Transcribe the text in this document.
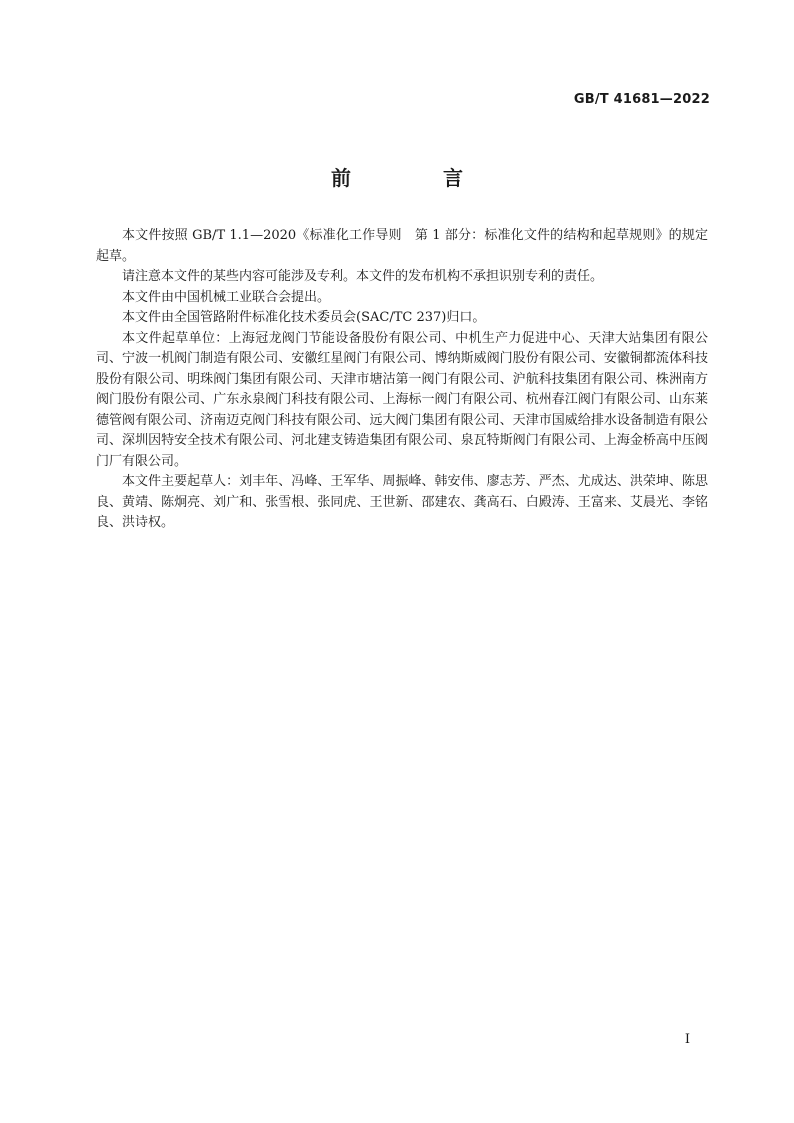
GB/T 41681—2022
前　言

本文件按照 GB/T 1.1—2020《标准化工作导则　第 1 部分：标准化文件的结构和起草规则》的规定起草。

请注意本文件的某些内容可能涉及专利。本文件的发布机构不承担识别专利的责任。

本文件由中国机械工业联合会提出。

本文件由全国管路附件标准化技术委员会(SAC/TC 237)归口。

本文件起草单位：上海冠龙阀门节能设备股份有限公司、中机生产力促进中心、天津大站集团有限公司、宁波一机阀门制造有限公司、安徽红星阀门有限公司、博纳斯威阀门股份有限公司、安徽铜都流体科技股份有限公司、明珠阀门集团有限公司、天津市塘沽第一阀门有限公司、沪航科技集团有限公司、株洲南方阀门股份有限公司、广东永泉阀门科技有限公司、上海标一阀门有限公司、杭州春江阀门有限公司、山东莱德管阀有限公司、济南迈克阀门科技有限公司、远大阀门集团有限公司、天津市国威给排水设备制造有限公司、深圳因特安全技术有限公司、河北建支铸造集团有限公司、泉瓦特斯阀门有限公司、上海金桥高中压阀门厂有限公司。

本文件主要起草人：刘丰年、冯峰、王军华、周振峰、韩安伟、廖志芳、严杰、尤成达、洪荣坤、陈思良、黄靖、陈炯亮、刘广和、张雪根、张同虎、王世新、邵建农、龚高石、白殿涛、王富来、艾晨光、李铭良、洪诗权。

I
